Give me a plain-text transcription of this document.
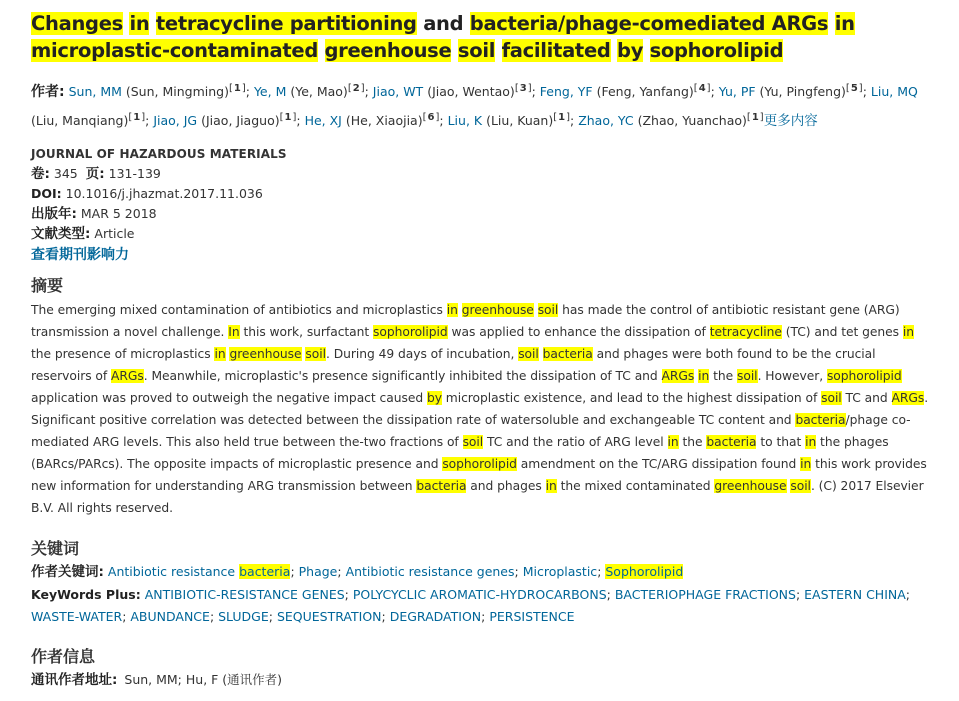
Changes in tetracycline partitioning and bacteria/phage-comediated ARGs in microplastic-contaminated greenhouse soil facilitated by sophorolipid
作者: Sun, MM (Sun, Mingming)[1]; Ye, M (Ye, Mao)[2]; Jiao, WT (Jiao, Wentao)[3]; Feng, YF (Feng, Yanfang)[4]; Yu, PF (Yu, Pingfeng)[5]; Liu, MQ (Liu, Manqiang)[1]; Jiao, JG (Jiao, Jiaguo)[1]; He, XJ (He, Xiaojia)[6]; Liu, K (Liu, Kuan)[1]; Zhao, YC (Zhao, Yuanchao)[1]更多内容
JOURNAL OF HAZARDOUS MATERIALS
卷: 345 页: 131-139
DOI: 10.1016/j.jhazmat.2017.11.036
出版年: MAR 5 2018
文献类型: Article
查看期刊影响力
摘要
The emerging mixed contamination of antibiotics and microplastics in greenhouse soil has made the control of antibiotic resistant gene (ARG) transmission a novel challenge. In this work, surfactant sophorolipid was applied to enhance the dissipation of tetracycline (TC) and tet genes in the presence of microplastics in greenhouse soil. During 49 days of incubation, soil bacteria and phages were both found to be the crucial reservoirs of ARGs. Meanwhile, microplastic's presence significantly inhibited the dissipation of TC and ARGs in the soil. However, sophorolipid application was proved to outweigh the negative impact caused by microplastic existence, and lead to the highest dissipation of soil TC and ARGs. Significant positive correlation was detected between the dissipation rate of watersoluble and exchangeable TC content and bacteria/phage co-mediated ARG levels. This also held true between the-two fractions of soil TC and the ratio of ARG level in the bacteria to that in the phages (BARcs/PARcs). The opposite impacts of microplastic presence and sophorolipid amendment on the TC/ARG dissipation found in this work provides new information for understanding ARG transmission between bacteria and phages in the mixed contaminated greenhouse soil. (C) 2017 Elsevier B.V. All rights reserved.
关键词
作者关键词: Antibiotic resistance bacteria; Phage; Antibiotic resistance genes; Microplastic; Sophorolipid
KeyWords Plus: ANTIBIOTIC-RESISTANCE GENES; POLYCYCLIC AROMATIC-HYDROCARBONS; BACTERIOPHAGE FRACTIONS; EASTERN CHINA; WASTE-WATER; ABUNDANCE; SLUDGE; SEQUESTRATION; DEGRADATION; PERSISTENCE
作者信息
通讯作者地址: Sun, MM; Hu, F (通讯作者)
